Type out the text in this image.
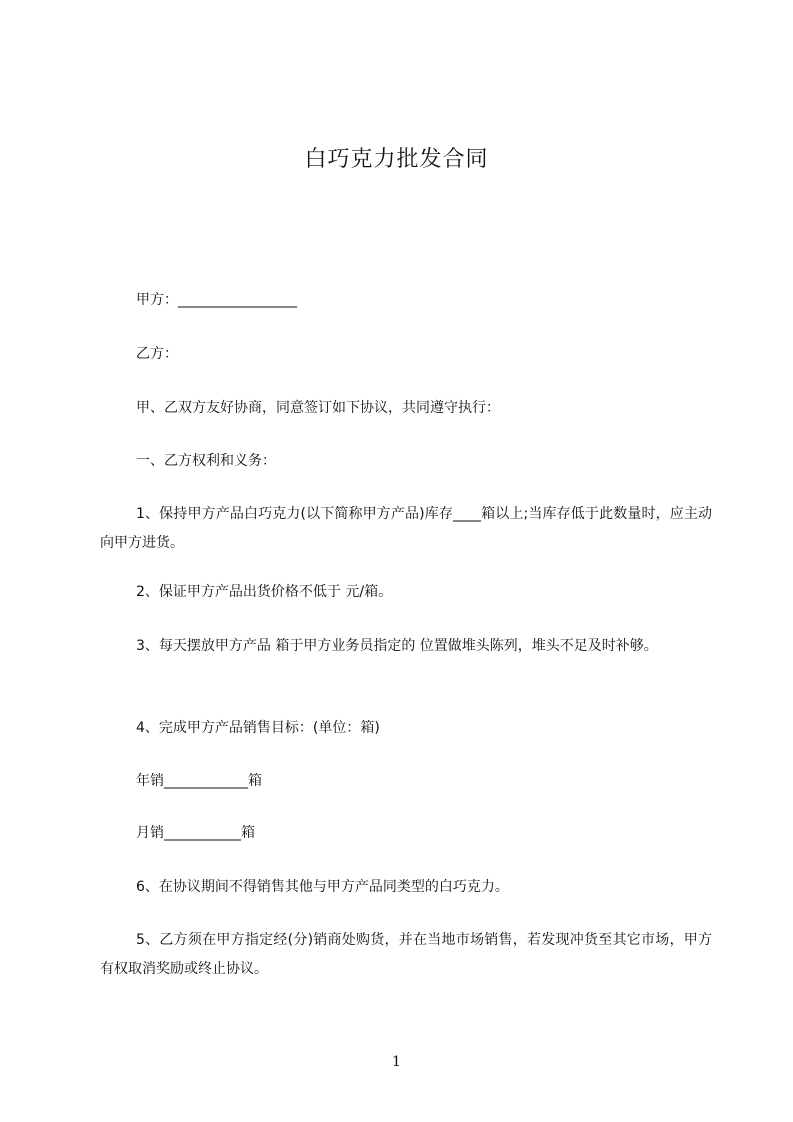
白巧克力批发合同
甲方：_________________
乙方：
甲、乙双方友好协商，同意签订如下协议，共同遵守执行：
一、乙方权利和义务：
1、保持甲方产品白巧克力(以下简称甲方产品)库存____箱以上;当库存低于此数量时，应主动向甲方进货。
2、保证甲方产品出货价格不低于 元/箱。
3、每天摆放甲方产品 箱于甲方业务员指定的 位置做堆头陈列，堆头不足及时补够。
4、完成甲方产品销售目标：(单位：箱)
年销____________箱
月销___________箱
6、在协议期间不得销售其他与甲方产品同类型的白巧克力。
5、乙方须在甲方指定经(分)销商处购货，并在当地市场销售，若发现冲货至其它市场，甲方有权取消奖励或终止协议。
1
